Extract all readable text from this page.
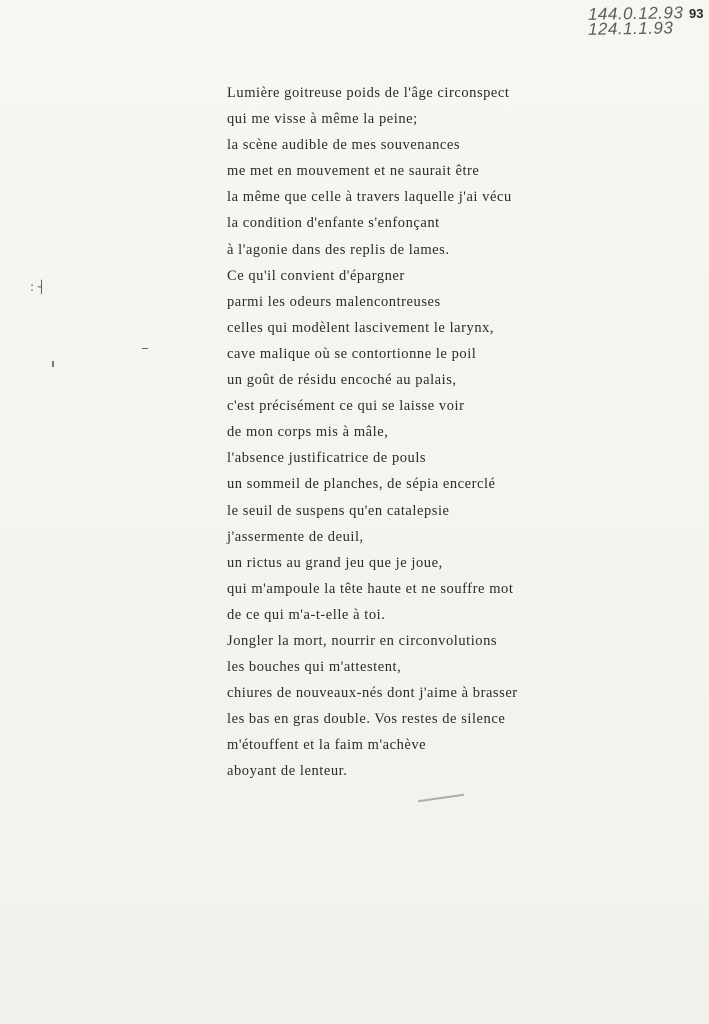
144.0.12.93
124.1.1.93
93
: ┤
Lumière goitreuse poids de l'âge circonspect
qui me visse à même la peine;
la scène audible de mes souvenances
me met en mouvement et ne saurait être
la même que celle à travers laquelle j'ai vécu
la condition d'enfante s'enfonçant
à l'agonie dans des replis de lames.
Ce qu'il convient d'épargner
parmi les odeurs malencontreuses
celles qui modèlent lascivement le larynx,
cave malique où se contortionne le poil
un goût de résidu encoché au palais,
c'est précisément ce qui se laisse voir
de mon corps mis à mâle,
l'absence justificatrice de pouls
un sommeil de planches, de sépia encerclé
le seuil de suspens qu'en catalepsie
j'assermente de deuil,
un rictus au grand jeu que je joue,
qui m'ampoule la tête haute et ne souffre mot
de ce qui m'a-t-elle à toi.
Jongler la mort, nourrir en circonvolutions
les bouches qui m'attestent,
chiures de nouveaux-nés dont j'aime à brasser
les bas en gras double. Vos restes de silence
m'étouffent et la faim m'achève
aboyant de lenteur.
